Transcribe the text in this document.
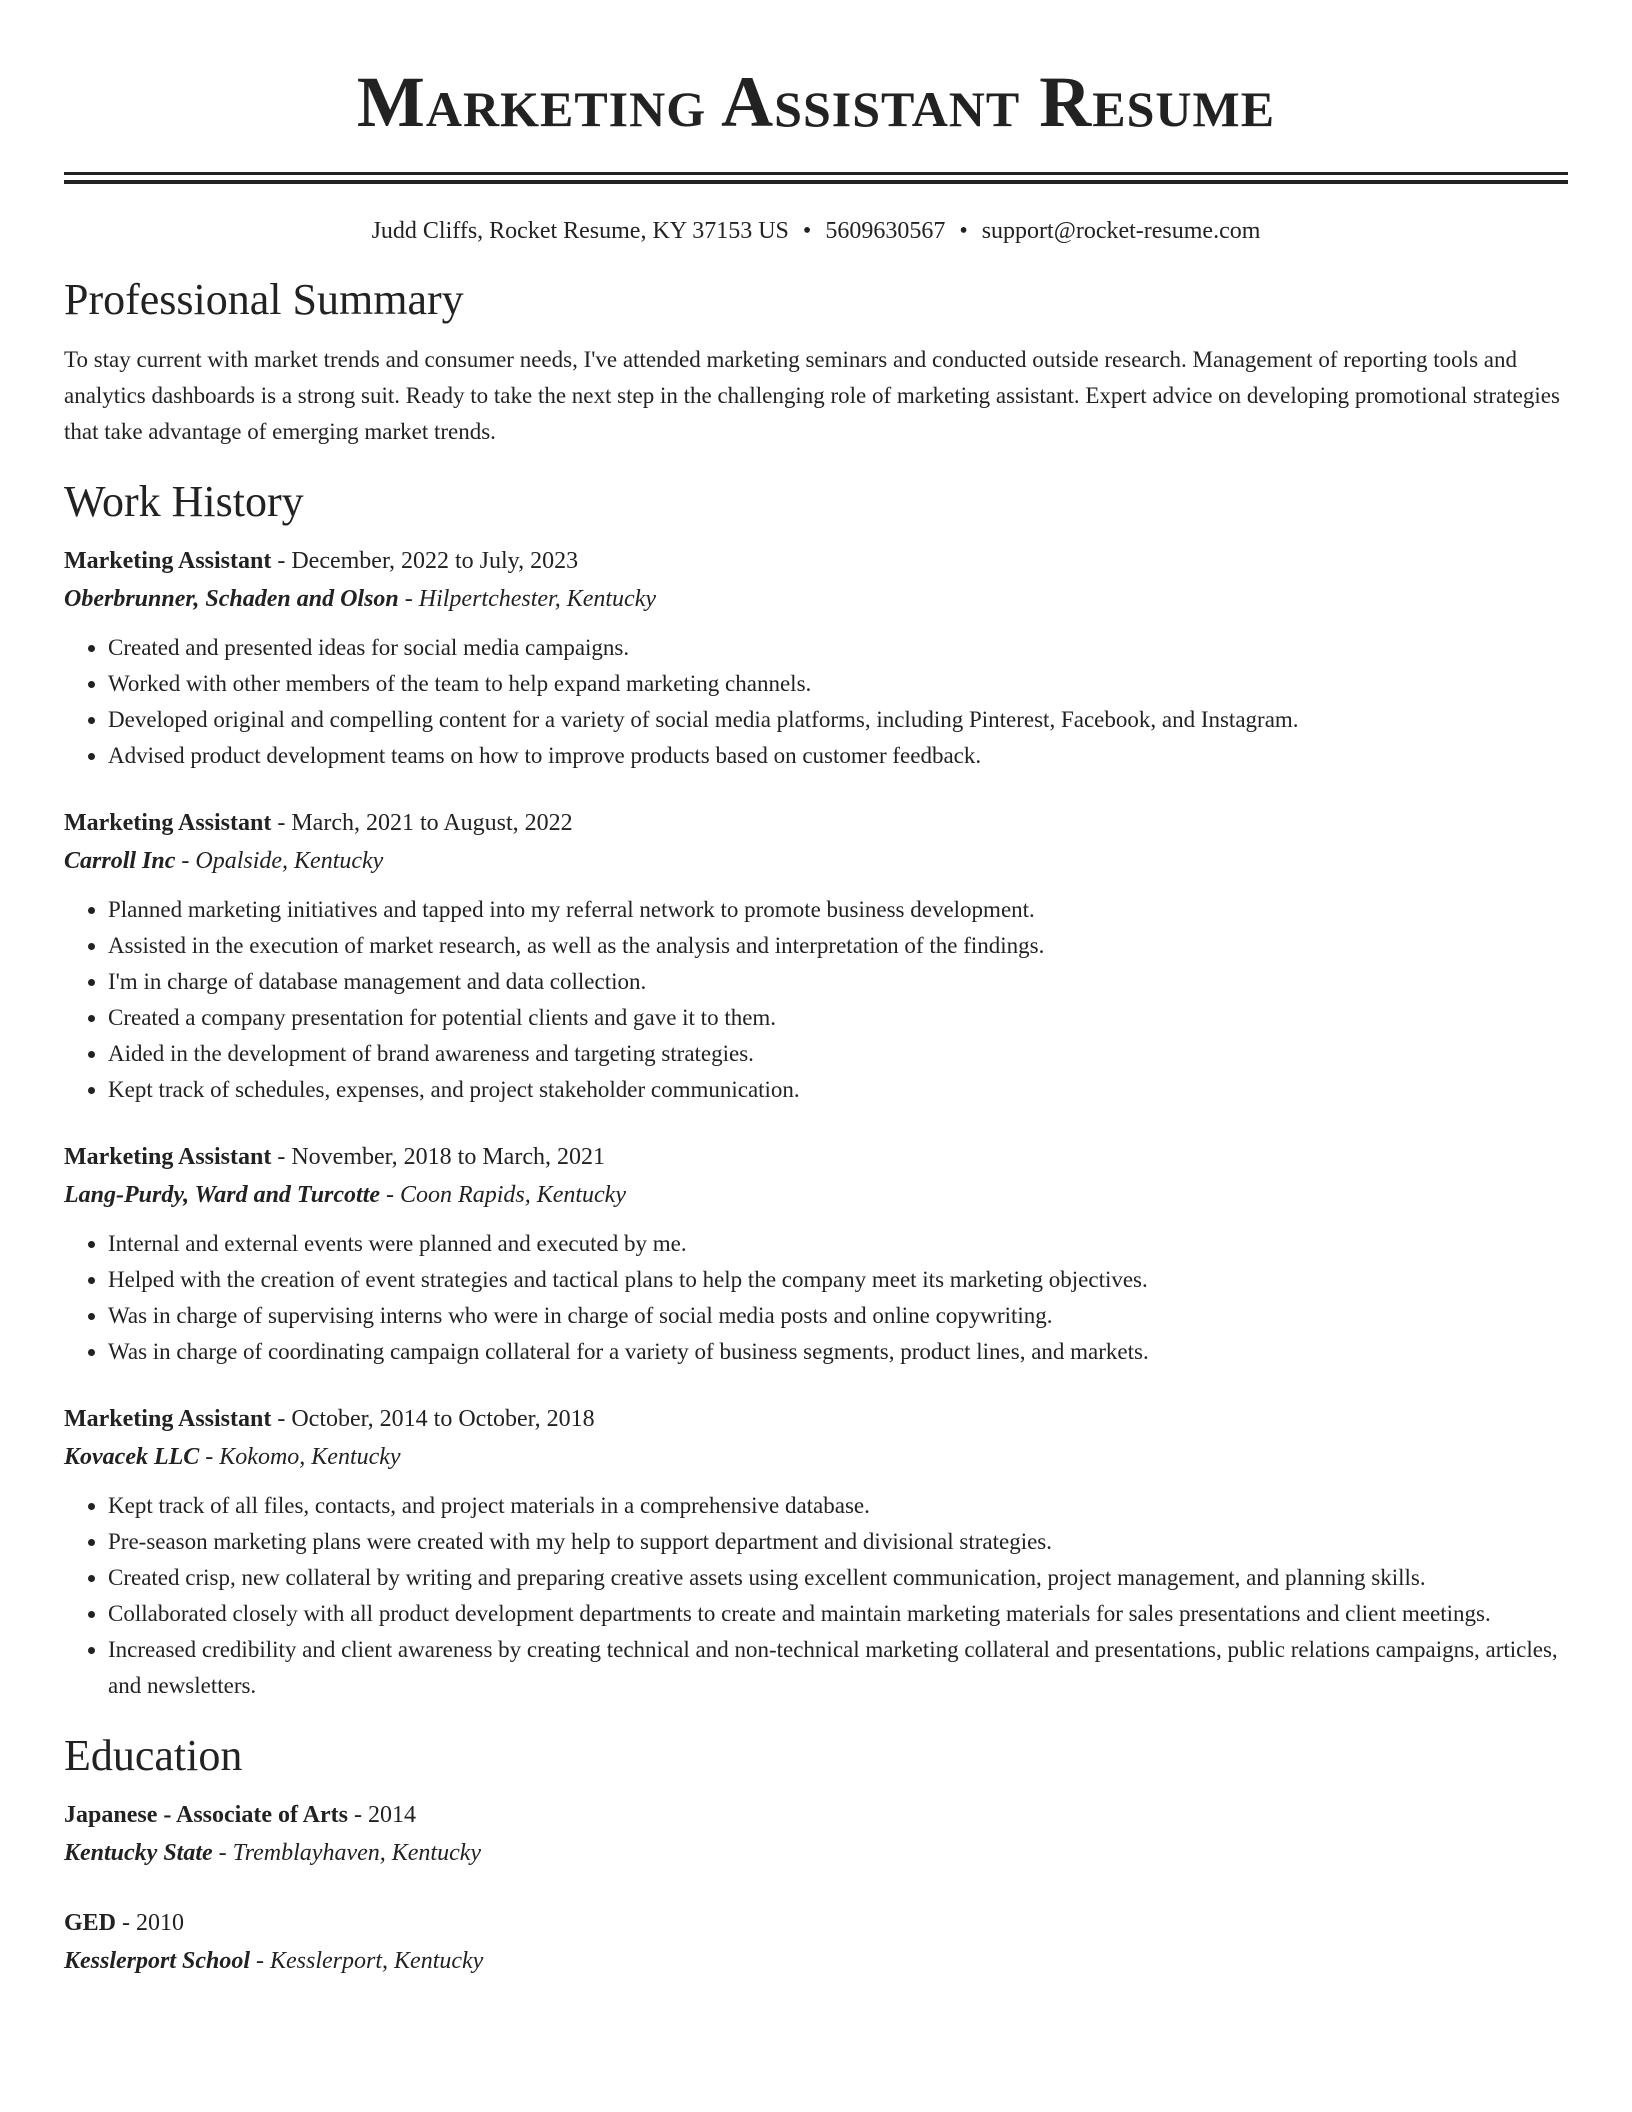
Marketing Assistant Resume
Judd Cliffs, Rocket Resume, KY 37153 US • 5609630567 • support@rocket-resume.com
Professional Summary

To stay current with market trends and consumer needs, I've attended marketing seminars and conducted outside research. Management of reporting tools and analytics dashboards is a strong suit. Ready to take the next step in the challenging role of marketing assistant. Expert advice on developing promotional strategies that take advantage of emerging market trends.

Work History
Marketing Assistant - December, 2022 to July, 2023
Oberbrunner, Schaden and Olson - Hilpertchester, Kentucky
• Created and presented ideas for social media campaigns.
• Worked with other members of the team to help expand marketing channels.
• Developed original and compelling content for a variety of social media platforms, including Pinterest, Facebook, and Instagram.
• Advised product development teams on how to improve products based on customer feedback.
Marketing Assistant - March, 2021 to August, 2022
Carroll Inc - Opalside, Kentucky
• Planned marketing initiatives and tapped into my referral network to promote business development.
• Assisted in the execution of market research, as well as the analysis and interpretation of the findings.
• I'm in charge of database management and data collection.
• Created a company presentation for potential clients and gave it to them.
• Aided in the development of brand awareness and targeting strategies.
• Kept track of schedules, expenses, and project stakeholder communication.
Marketing Assistant - November, 2018 to March, 2021
Lang-Purdy, Ward and Turcotte - Coon Rapids, Kentucky
• Internal and external events were planned and executed by me.
• Helped with the creation of event strategies and tactical plans to help the company meet its marketing objectives.
• Was in charge of supervising interns who were in charge of social media posts and online copywriting.
• Was in charge of coordinating campaign collateral for a variety of business segments, product lines, and markets.
Marketing Assistant - October, 2014 to October, 2018
Kovacek LLC - Kokomo, Kentucky
• Kept track of all files, contacts, and project materials in a comprehensive database.
• Pre-season marketing plans were created with my help to support department and divisional strategies.
• Created crisp, new collateral by writing and preparing creative assets using excellent communication, project management, and planning skills.
• Collaborated closely with all product development departments to create and maintain marketing materials for sales presentations and client meetings.
• Increased credibility and client awareness by creating technical and non-technical marketing collateral and presentations, public relations campaigns, articles, and newsletters.
Education
Japanese - Associate of Arts - 2014
Kentucky State - Tremblayhaven, Kentucky
GED - 2010
Kesslerport School - Kesslerport, Kentucky
